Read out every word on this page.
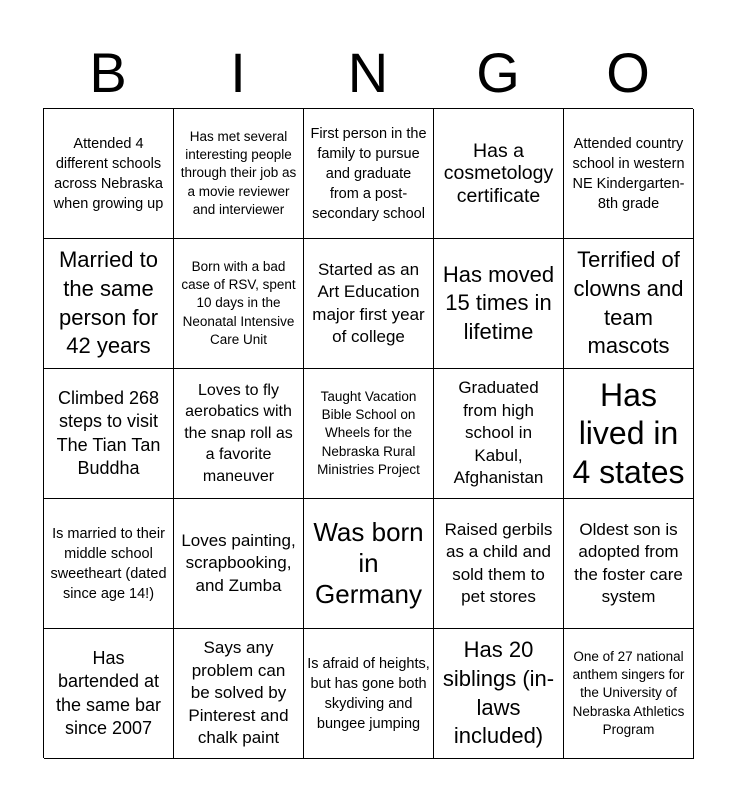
B	I	N	G	O
Attended 4 different schools across Nebraska when growing up
Has met several interesting people through their job as a movie reviewer and interviewer
First person in the family to pursue and graduate from a post-secondary school
Has a cosmetology certificate
Attended country school in western NE Kindergarten-8th grade
Married to the same person for 42 years
Born with a bad case of RSV, spent 10 days in the Neonatal Intensive Care Unit
Started as an Art Education major first year of college
Has moved 15 times in lifetime
Terrified of clowns and team mascots
Climbed 268 steps to visit The Tian Tan Buddha
Loves to fly aerobatics with the snap roll as a favorite maneuver
Taught Vacation Bible School on Wheels for the Nebraska Rural Ministries Project
Graduated from high school in Kabul, Afghanistan
Has lived in 4 states
Is married to their middle school sweetheart (dated since age 14!)
Loves painting, scrapbooking, and Zumba
Was born in Germany
Raised gerbils as a child and sold them to pet stores
Oldest son is adopted from the foster care system
Has bartended at the same bar since 2007
Says any problem can be solved by Pinterest and chalk paint
Is afraid of heights, but has gone both skydiving and bungee jumping
Has 20 siblings (in-laws included)
One of 27 national anthem singers for the University of Nebraska Athletics Program
